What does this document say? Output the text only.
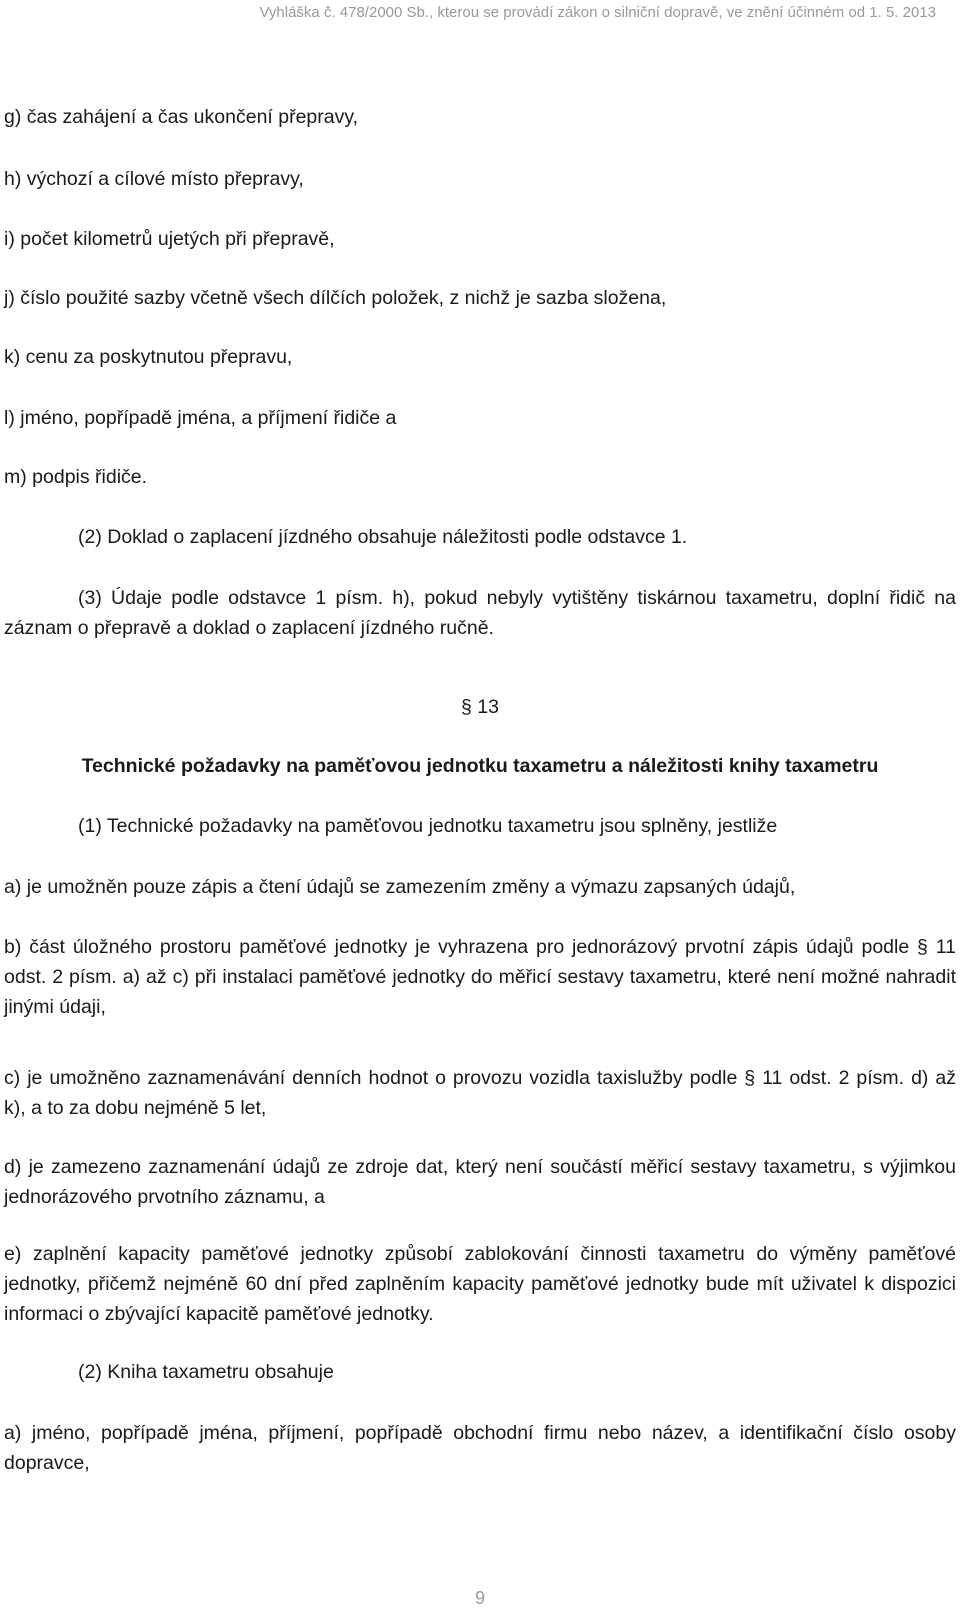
Vyhláška č. 478/2000 Sb., kterou se provádí zákon o silniční dopravě, ve znění účinném od 1. 5. 2013
g) čas zahájení a čas ukončení přepravy,
h) výchozí a cílové místo přepravy,
i) počet kilometrů ujetých při přepravě,
j) číslo použité sazby včetně všech dílčích položek, z nichž je sazba složena,
k) cenu za poskytnutou přepravu,
l) jméno, popřípadě jména, a příjmení řidiče a
m) podpis řidiče.
(2) Doklad o zaplacení jízdného obsahuje náležitosti podle odstavce 1.
(3) Údaje podle odstavce 1 písm. h), pokud nebyly vytištěny tiskárnou taxametru, doplní řidič na záznam o přepravě a doklad o zaplacení jízdného ručně.
§ 13
Technické požadavky na paměťovou jednotku taxametru a náležitosti knihy taxametru
(1) Technické požadavky na paměťovou jednotku taxametru jsou splněny, jestliže
a) je umožněn pouze zápis a čtení údajů se zamezením změny a výmazu zapsaných údajů,
b) část úložného prostoru paměťové jednotky je vyhrazena pro jednorázový prvotní zápis údajů podle § 11 odst. 2 písm. a) až c) při instalaci paměťové jednotky do měřicí sestavy taxametru, které není možné nahradit jinými údaji,
c) je umožněno zaznamenávání denních hodnot o provozu vozidla taxislužby podle § 11 odst. 2 písm. d) až k), a to za dobu nejméně 5 let,
d) je zamezeno zaznamenání údajů ze zdroje dat, který není součástí měřicí sestavy taxametru, s výjimkou jednorázového prvotního záznamu, a
e) zaplnění kapacity paměťové jednotky způsobí zablokování činnosti taxametru do výměny paměťové jednotky, přičemž nejméně 60 dní před zaplněním kapacity paměťové jednotky bude mít uživatel k dispozici informaci o zbývající kapacitě paměťové jednotky.
(2) Kniha taxametru obsahuje
a) jméno, popřípadě jména, příjmení, popřípadě obchodní firmu nebo název, a identifikační číslo osoby dopravce,
9
